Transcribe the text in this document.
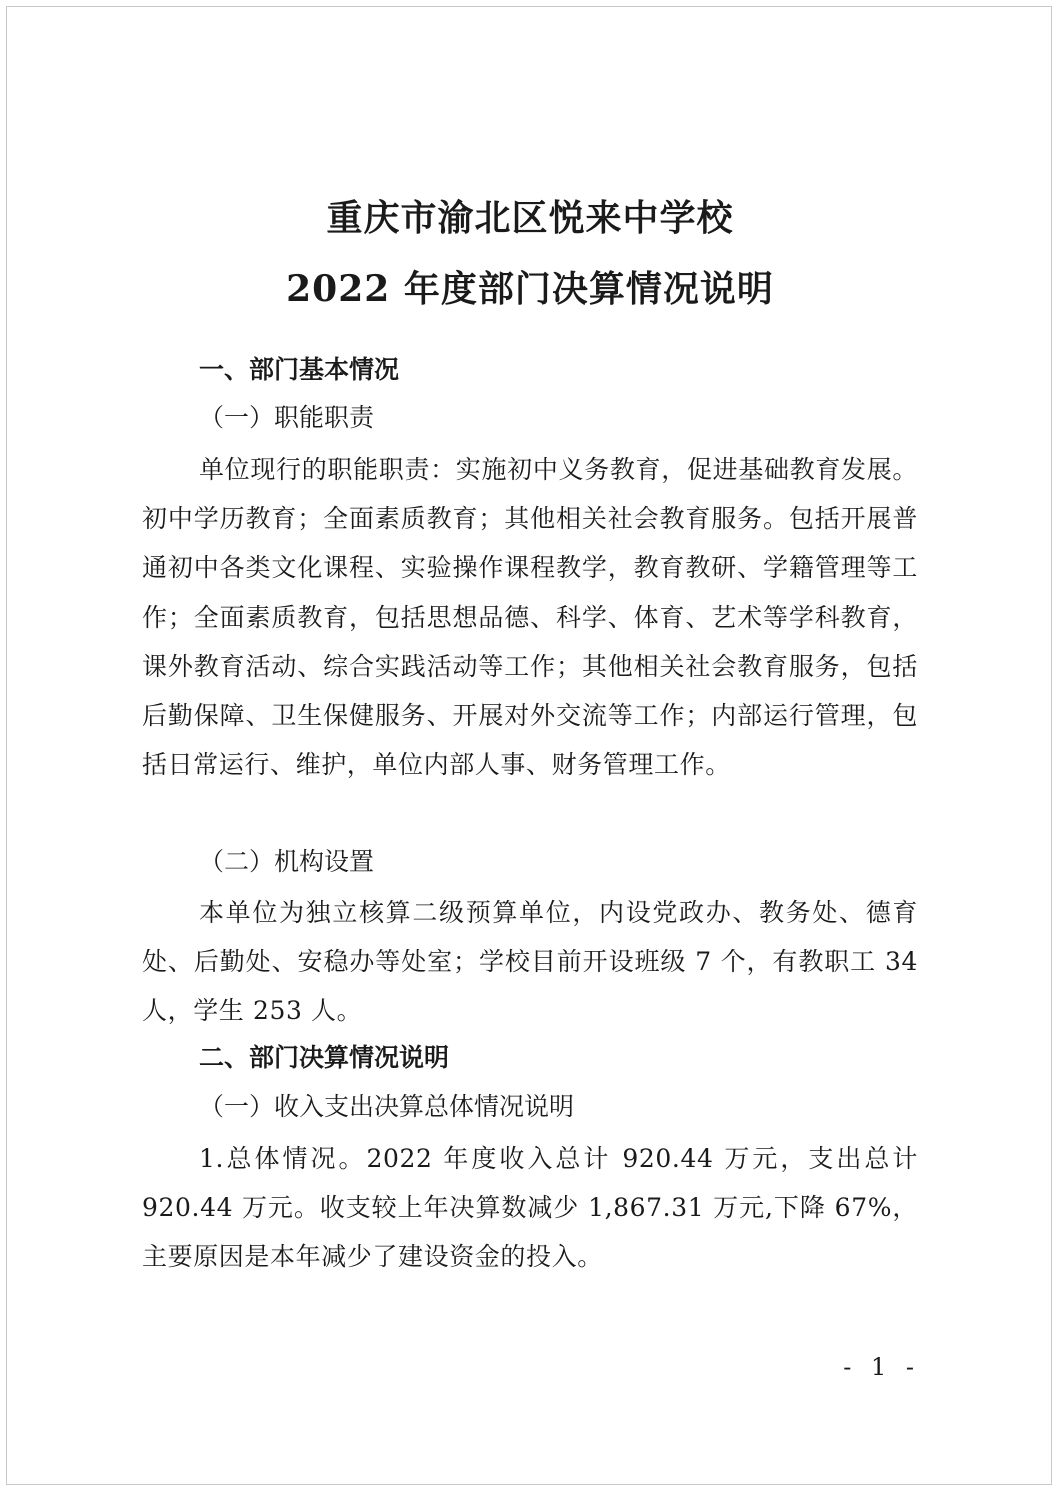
重庆市渝北区悦来中学校
2022 年度部门决算情况说明
一、部门基本情况
（一）职能职责
单位现行的职能职责：实施初中义务教育，促进基础教育发展。 初中学历教育；全面素质教育；其他相关社会教育服务。包括开展普通初中各类文化课程、实验操作课程教学，教育教研、学籍管理等工作；全面素质教育，包括思想品德、科学、体育、艺术等学科教育，课外教育活动、综合实践活动等工作；其他相关社会教育服务，包括后勤保障、卫生保健服务、开展对外交流等工作；内部运行管理，包括日常运行、维护，单位内部人事、财务管理工作。
（二）机构设置
本单位为独立核算二级预算单位，内设党政办、教务处、德育处、后勤处、安稳办等处室；学校目前开设班级 7 个，有教职工 34 人，学生 253 人。
二、部门决算情况说明
（一）收入支出决算总体情况说明
1.总体情况。2022 年度收入总计 920.44 万元，支出总计 920.44 万元。收支较上年决算数减少 1,867.31 万元,下降 67%，主要原因是本年减少了建设资金的投入。
- 1 -
